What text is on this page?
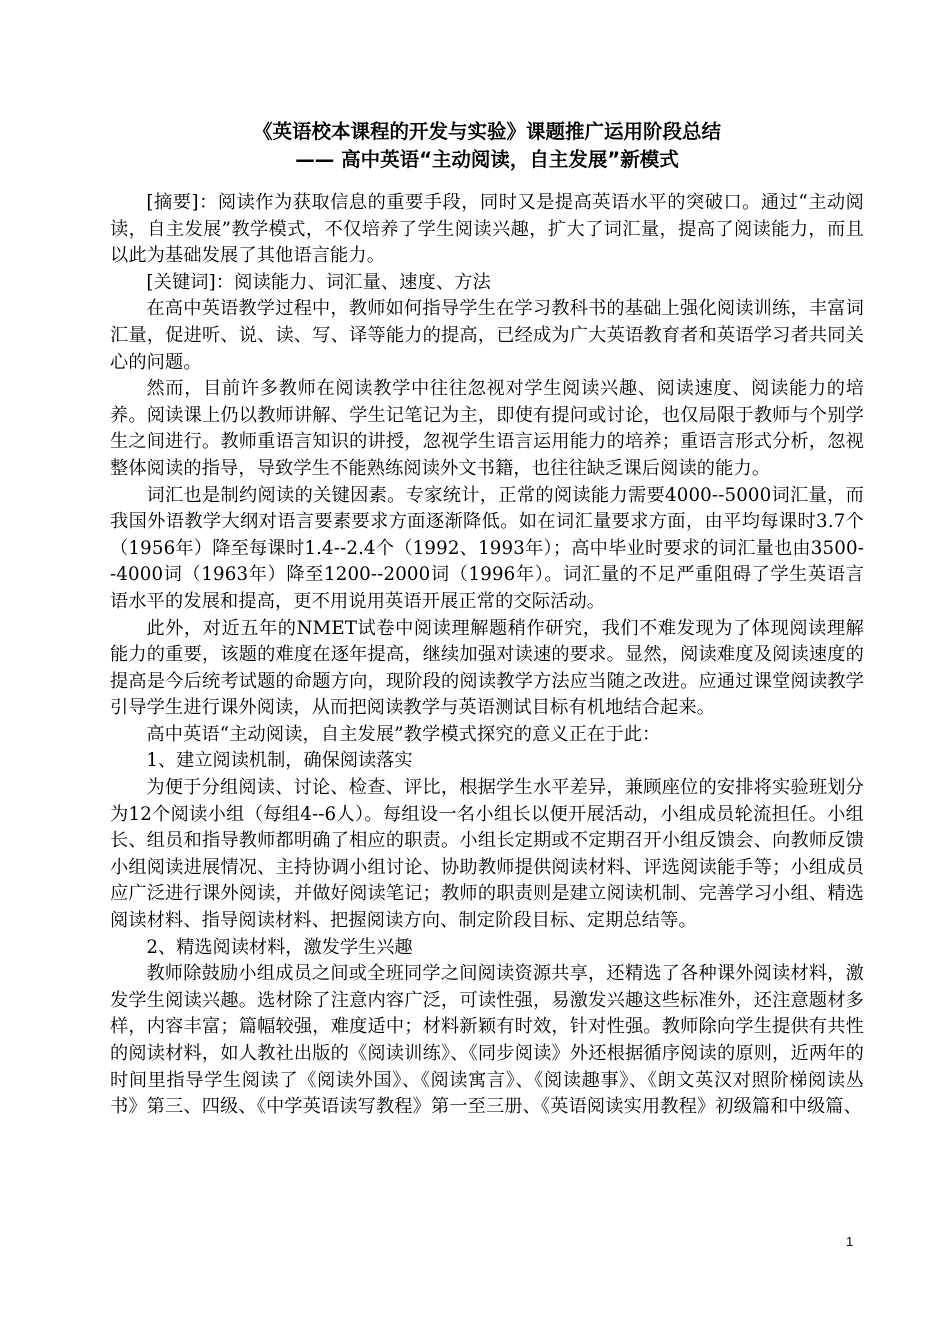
《英语校本课程的开发与实验》课题推广运用阶段总结

—— 高中英语“主动阅读，自主发展”新模式

[摘要]：阅读作为获取信息的重要手段，同时又是提高英语水平的突破口。通过“主动阅读，自主发展”教学模式，不仅培养了学生阅读兴趣，扩大了词汇量，提高了阅读能力，而且以此为基础发展了其他语言能力。

[关键词]：阅读能力、词汇量、速度、方法

在高中英语教学过程中，教师如何指导学生在学习教科书的基础上强化阅读训练，丰富词汇量，促进听、说、读、写、译等能力的提高，已经成为广大英语教育者和英语学习者共同关心的问题。

然而，目前许多教师在阅读教学中往往忽视对学生阅读兴趣、阅读速度、阅读能力的培养。阅读课上仍以教师讲解、学生记笔记为主，即使有提问或讨论，也仅局限于教师与个别学生之间进行。教师重语言知识的讲授，忽视学生语言运用能力的培养；重语言形式分析，忽视整体阅读的指导，导致学生不能熟练阅读外文书籍，也往往缺乏课后阅读的能力。

词汇也是制约阅读的关键因素。专家统计，正常的阅读能力需要4000--5000词汇量，而我国外语教学大纲对语言要素要求方面逐渐降低。如在词汇量要求方面，由平均每课时3.7个（1956年）降至每课时1.4--2.4个（1992、1993年）；高中毕业时要求的词汇量也由3500--4000词（1963年）降至1200--2000词（1996年）。词汇量的不足严重阻碍了学生英语言语水平的发展和提高，更不用说用英语开展正常的交际活动。

此外，对近五年的NMET试卷中阅读理解题稍作研究，我们不难发现为了体现阅读理解能力的重要，该题的难度在逐年提高，继续加强对读速的要求。显然，阅读难度及阅读速度的提高是今后统考试题的命题方向，现阶段的阅读教学方法应当随之改进。应通过课堂阅读教学引导学生进行课外阅读，从而把阅读教学与英语测试目标有机地结合起来。

高中英语“主动阅读，自主发展”教学模式探究的意义正在于此：

1、建立阅读机制，确保阅读落实

为便于分组阅读、讨论、检查、评比，根据学生水平差异，兼顾座位的安排将实验班划分为12个阅读小组（每组4--6人）。每组设一名小组长以便开展活动，小组成员轮流担任。小组长、组员和指导教师都明确了相应的职责。小组长定期或不定期召开小组反馈会、向教师反馈小组阅读进展情况、主持协调小组讨论、协助教师提供阅读材料、评选阅读能手等；小组成员应广泛进行课外阅读，并做好阅读笔记；教师的职责则是建立阅读机制、完善学习小组、精选阅读材料、指导阅读材料、把握阅读方向、制定阶段目标、定期总结等。

2、精选阅读材料，激发学生兴趣

教师除鼓励小组成员之间或全班同学之间阅读资源共享，还精选了各种课外阅读材料，激发学生阅读兴趣。选材除了注意内容广泛，可读性强，易激发兴趣这些标准外，还注意题材多样，内容丰富；篇幅较强，难度适中；材料新颖有时效，针对性强。教师除向学生提供有共性的阅读材料，如人教社出版的《阅读训练》、《同步阅读》外还根据循序阅读的原则，近两年的时间里指导学生阅读了《阅读外国》、《阅读寓言》、《阅读趣事》、《朗文英汉对照阶梯阅读丛书》第三、四级、《中学英语读写教程》第一至三册、《英语阅读实用教程》初级篇和中级篇、

1
